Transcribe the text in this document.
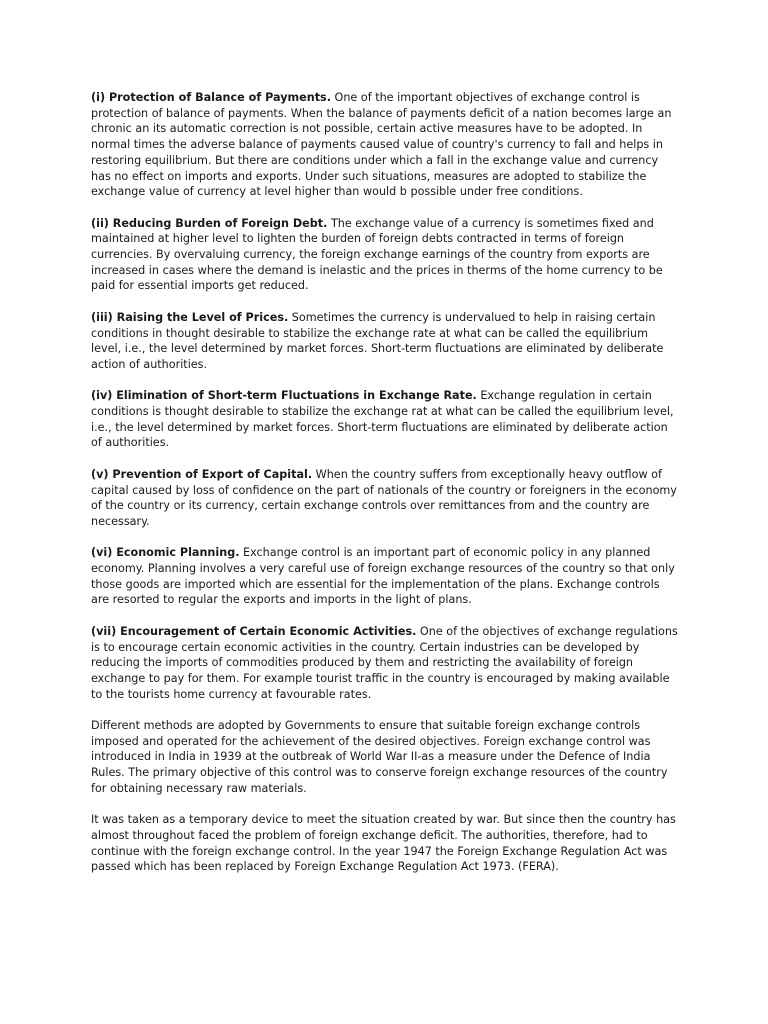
(i) Protection of Balance of Payments. One of the important objectives of exchange control is protection of balance of payments. When the balance of payments deficit of a nation becomes large an chronic an its automatic correction is not possible, certain active measures have to be adopted. In normal times the adverse balance of payments caused value of country's currency to fall and helps in restoring equilibrium. But there are conditions under which a fall in the exchange value and currency has no effect on imports and exports. Under such situations, measures are adopted to stabilize the exchange value of currency at level higher than would b possible under free conditions.

(ii) Reducing Burden of Foreign Debt. The exchange value of a currency is sometimes fixed and maintained at higher level to lighten the burden of foreign debts contracted in terms of foreign currencies. By overvaluing currency, the foreign exchange earnings of the country from exports are increased in cases where the demand is inelastic and the prices in therms of the home currency to be paid for essential imports get reduced.

(iii) Raising the Level of Prices. Sometimes the currency is undervalued to help in raising certain conditions in thought desirable to stabilize the exchange rate at what can be called the equilibrium level, i.e., the level determined by market forces. Short-term fluctuations are eliminated by deliberate action of authorities.

(iv) Elimination of Short-term Fluctuations in Exchange Rate. Exchange regulation in certain conditions is thought desirable to stabilize the exchange rat at what can be called the equilibrium level, i.e., the level determined by market forces. Short-term fluctuations are eliminated by deliberate action of authorities.

(v) Prevention of Export of Capital. When the country suffers from exceptionally heavy outflow of capital caused by loss of confidence on the part of nationals of the country or foreigners in the economy of the country or its currency, certain exchange controls over remittances from and the country are necessary.

(vi) Economic Planning. Exchange control is an important part of economic policy in any planned economy. Planning involves a very careful use of foreign exchange resources of the country so that only those goods are imported which are essential for the implementation of the plans. Exchange controls are resorted to regular the exports and imports in the light of plans.

(vii) Encouragement of Certain Economic Activities. One of the objectives of exchange regulations is to encourage certain economic activities in the country. Certain industries can be developed by reducing the imports of commodities produced by them and restricting the availability of foreign exchange to pay for them. For example tourist traffic in the country is encouraged by making available to the tourists home currency at favourable rates.

Different methods are adopted by Governments to ensure that suitable foreign exchange controls imposed and operated for the achievement of the desired objectives. Foreign exchange control was introduced in India in 1939 at the outbreak of World War II-as a measure under the Defence of India Rules. The primary objective of this control was to conserve foreign exchange resources of the country for obtaining necessary raw materials.

It was taken as a temporary device to meet the situation created by war. But since then the country has almost throughout faced the problem of foreign exchange deficit. The authorities, therefore, had to continue with the foreign exchange control. In the year 1947 the Foreign Exchange Regulation Act was passed which has been replaced by Foreign Exchange Regulation Act 1973. (FERA).
